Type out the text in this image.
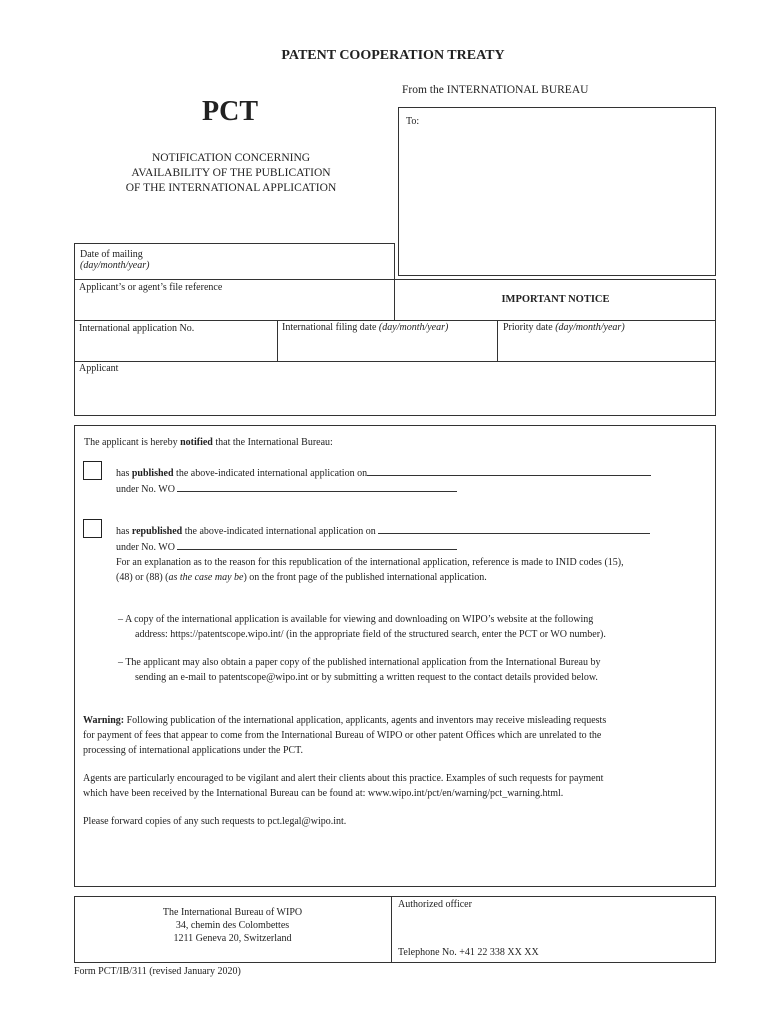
PATENT COOPERATION TREATY
PCT
NOTIFICATION CONCERNING
AVAILABILITY OF THE PUBLICATION
OF THE INTERNATIONAL APPLICATION
From the INTERNATIONAL BUREAU
To:
Date of mailing
(day/month/year)
Applicant’s or agent’s file reference
IMPORTANT NOTICE
International application No.	International filing date (day/month/year)	Priority date (day/month/year)
Applicant
The applicant is hereby notified that the International Bureau:
has published the above-indicated international application on
under No. WO
has republished the above-indicated international application on
under No. WO
For an explanation as to the reason for this republication of the international application, reference is made to INID codes (15),
(48) or (88) (as the case may be) on the front page of the published international application.
– A copy of the international application is available for viewing and downloading on WIPO’s website at the following
address: https://patentscope.wipo.int/ (in the appropriate field of the structured search, enter the PCT or WO number).
– The applicant may also obtain a paper copy of the published international application from the International Bureau by
sending an e-mail to patentscope@wipo.int or by submitting a written request to the contact details provided below.
Warning: Following publication of the international application, applicants, agents and inventors may receive misleading requests
for payment of fees that appear to come from the International Bureau of WIPO or other patent Offices which are unrelated to the
processing of international applications under the PCT.
Agents are particularly encouraged to be vigilant and alert their clients about this practice. Examples of such requests for payment
which have been received by the International Bureau can be found at: www.wipo.int/pct/en/warning/pct_warning.html.
Please forward copies of any such requests to pct.legal@wipo.int.
The International Bureau of WIPO
34, chemin des Colombettes
1211 Geneva 20, Switzerland
Authorized officer
Telephone No. +41 22 338 XX XX
Form PCT/IB/311 (revised January 2020)
